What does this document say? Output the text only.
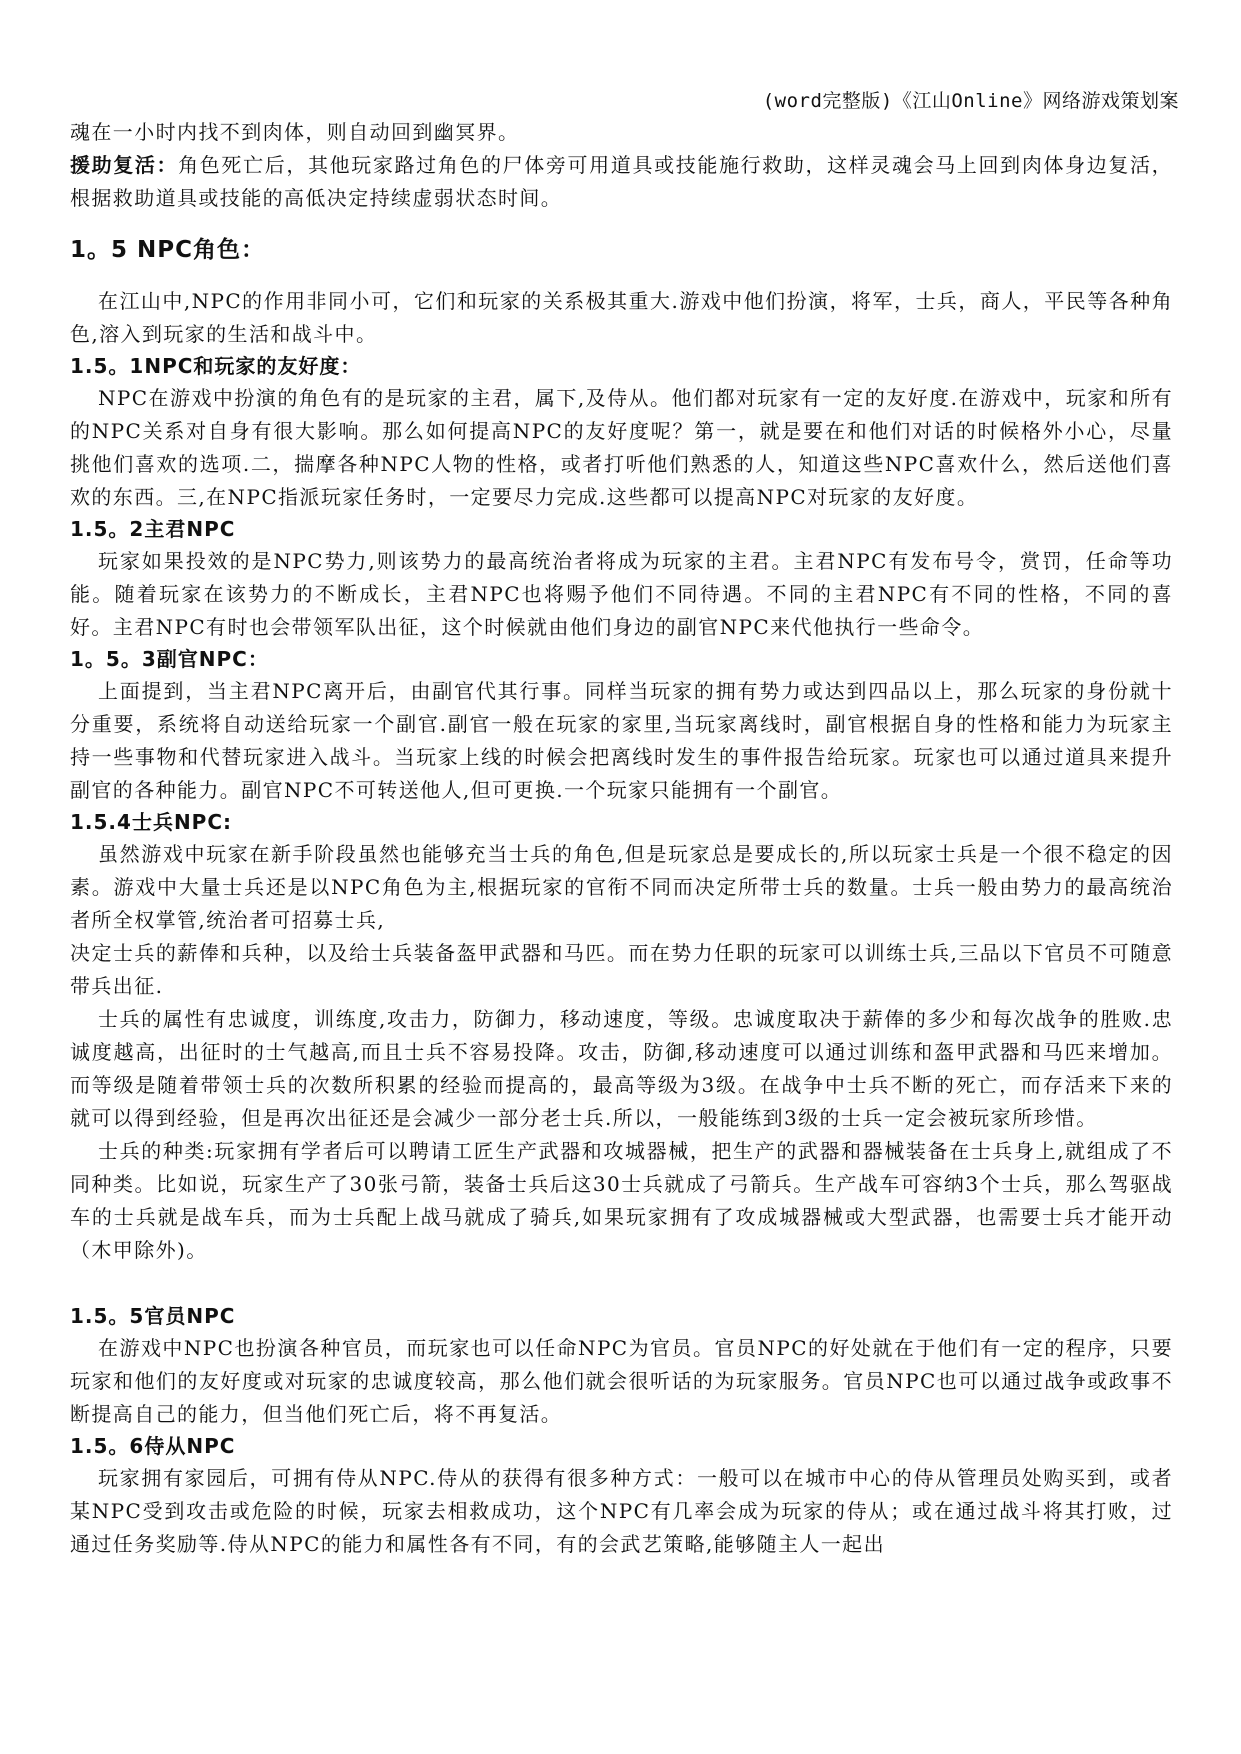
(word完整版)《江山Online》网络游戏策划案

魂在一小时内找不到肉体，则自动回到幽冥界。

援助复活：角色死亡后，其他玩家路过角色的尸体旁可用道具或技能施行救助，这样灵魂会马上回到肉体身边复活，根据救助道具或技能的高低决定持续虚弱状态时间。

1。5 NPC角色：

在江山中,NPC的作用非同小可，它们和玩家的关系极其重大.游戏中他们扮演，将军，士兵，商人，平民等各种角色,溶入到玩家的生活和战斗中。

1.5。1NPC和玩家的友好度：

NPC在游戏中扮演的角色有的是玩家的主君，属下,及侍从。他们都对玩家有一定的友好度.在游戏中，玩家和所有的NPC关系对自身有很大影响。那么如何提高NPC的友好度呢？第一，就是要在和他们对话的时候格外小心，尽量挑他们喜欢的选项.二，揣摩各种NPC人物的性格，或者打听他们熟悉的人，知道这些NPC喜欢什么，然后送他们喜欢的东西。三,在NPC指派玩家任务时，一定要尽力完成.这些都可以提高NPC对玩家的友好度。

1.5。2主君NPC

玩家如果投效的是NPC势力,则该势力的最高统治者将成为玩家的主君。主君NPC有发布号令，赏罚，任命等功能。随着玩家在该势力的不断成长，主君NPC也将赐予他们不同待遇。不同的主君NPC有不同的性格，不同的喜好。主君NPC有时也会带领军队出征，这个时候就由他们身边的副官NPC来代他执行一些命令。

1。5。3副官NPC：

上面提到，当主君NPC离开后，由副官代其行事。同样当玩家的拥有势力或达到四品以上，那么玩家的身份就十分重要，系统将自动送给玩家一个副官.副官一般在玩家的家里,当玩家离线时，副官根据自身的性格和能力为玩家主持一些事物和代替玩家进入战斗。当玩家上线的时候会把离线时发生的事件报告给玩家。玩家也可以通过道具来提升副官的各种能力。副官NPC不可转送他人,但可更换.一个玩家只能拥有一个副官。

1.5.4士兵NPC:

虽然游戏中玩家在新手阶段虽然也能够充当士兵的角色,但是玩家总是要成长的,所以玩家士兵是一个很不稳定的因素。游戏中大量士兵还是以NPC角色为主,根据玩家的官衔不同而决定所带士兵的数量。士兵一般由势力的最高统治者所全权掌管,统治者可招募士兵,

决定士兵的薪俸和兵种，以及给士兵装备盔甲武器和马匹。而在势力任职的玩家可以训练士兵,三品以下官员不可随意带兵出征.

士兵的属性有忠诚度，训练度,攻击力，防御力，移动速度，等级。忠诚度取决于薪俸的多少和每次战争的胜败.忠诚度越高，出征时的士气越高,而且士兵不容易投降。攻击，防御,移动速度可以通过训练和盔甲武器和马匹来增加。而等级是随着带领士兵的次数所积累的经验而提高的，最高等级为3级。在战争中士兵不断的死亡，而存活来下来的就可以得到经验，但是再次出征还是会减少一部分老士兵.所以，一般能练到3级的士兵一定会被玩家所珍惜。

士兵的种类:玩家拥有学者后可以聘请工匠生产武器和攻城器械，把生产的武器和器械装备在士兵身上,就组成了不同种类。比如说，玩家生产了30张弓箭，装备士兵后这30士兵就成了弓箭兵。生产战车可容纳3个士兵，那么驾驱战车的士兵就是战车兵，而为士兵配上战马就成了骑兵,如果玩家拥有了攻成城器械或大型武器，也需要士兵才能开动（木甲除外)。

1.5。5官员NPC

在游戏中NPC也扮演各种官员，而玩家也可以任命NPC为官员。官员NPC的好处就在于他们有一定的程序，只要玩家和他们的友好度或对玩家的忠诚度较高，那么他们就会很听话的为玩家服务。官员NPC也可以通过战争或政事不断提高自己的能力，但当他们死亡后，将不再复活。

1.5。6侍从NPC

玩家拥有家园后，可拥有侍从NPC.侍从的获得有很多种方式：一般可以在城市中心的侍从管理员处购买到，或者某NPC受到攻击或危险的时候，玩家去相救成功，这个NPC有几率会成为玩家的侍从；或在通过战斗将其打败，过通过任务奖励等.侍从NPC的能力和属性各有不同，有的会武艺策略,能够随主人一起出
